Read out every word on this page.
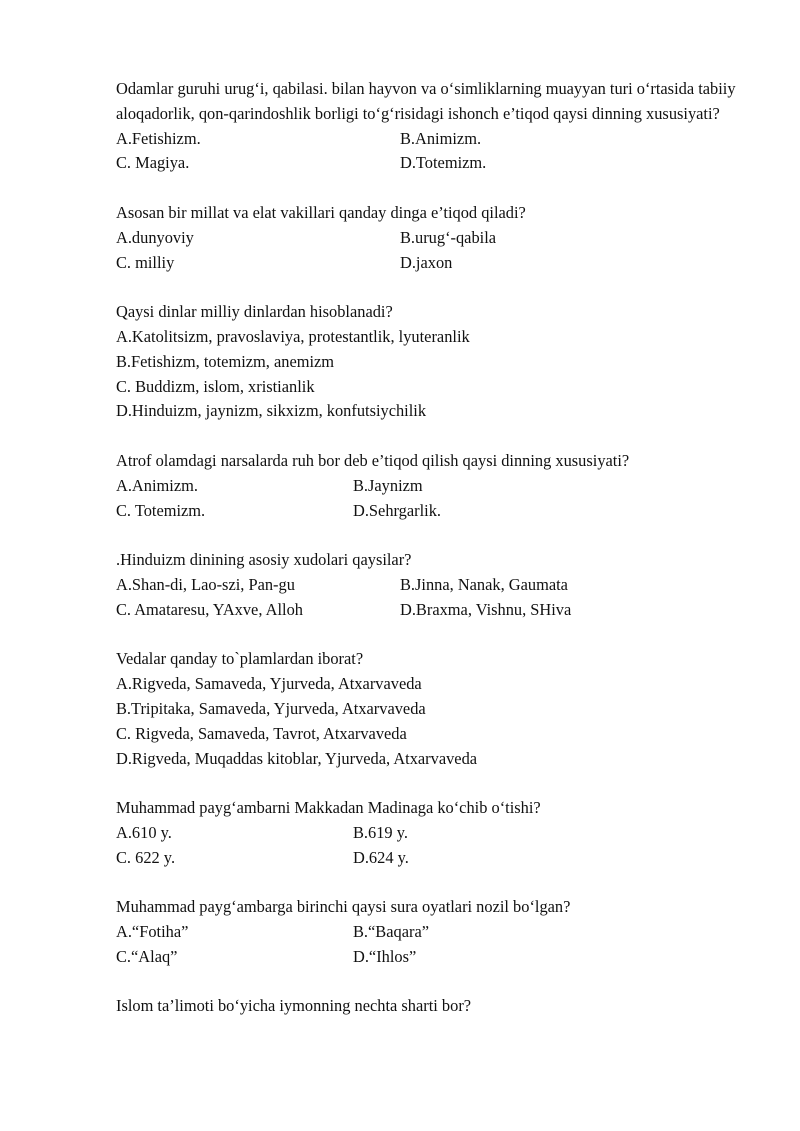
Odamlar guruhi urug‘i, qabilasi. bilan hayvon va o‘simliklarning muayyan turi o‘rtasida tabiiy aloqadorlik, qon-qarindoshlik borligi to‘g‘risidagi ishonch e’tiqod qaysi dinning xususiyati?

A.Fetishizm.	B.Animizm.
C. Magiya.	D.Totemizm.

Asosan bir millat va elat vakillari qanday dinga e’tiqod qiladi?

A.dunyoviy	B.urug‘-qabila
C. milliy	D.jaxon

Qaysi dinlar milliy dinlardan hisoblanadi?

A.Katolitsizm, pravoslaviya, protestantlik, lyuteranlik
B.Fetishizm, totemizm, anemizm
C. Buddizm, islom, xristianlik
D.Hinduizm, jaynizm, sikxizm, konfutsiychilik

Atrof olamdagi narsalarda ruh bor deb e’tiqod qilish qaysi dinning xususiyati?

A.Animizm.	B.Jaynizm
C. Totemizm.	D.Sehrgarlik.

.Hinduizm dinining asosiy xudolari qaysilar?

A.Shan-di, Lao-szi, Pan-gu	B.Jinna, Nanak, Gaumata
C. Amataresu, YAxve, Alloh	D.Braxma, Vishnu, SHiva

Vedalar qanday to`plamlardan iborat?

A.Rigveda, Samaveda, Yjurveda, Atxarvaveda
B.Tripitaka, Samaveda, Yjurveda, Atxarvaveda
C. Rigveda, Samaveda, Tavrot, Atxarvaveda
D.Rigveda, Muqaddas kitoblar, Yjurveda, Atxarvaveda

Muhammad payg‘ambarni Makkadan Madinaga ko‘chib o‘tishi?

A.610 y.	B.619 y.
C. 622 y.	D.624 y.

Muhammad payg‘ambarga birinchi qaysi sura oyatlari nozil bo‘lgan?

A.“Fotiha”	B.“Baqara”
C.“Alaq”	D.“Ihlos”

Islom ta’limoti bo‘yicha iymonning nechta sharti bor?
